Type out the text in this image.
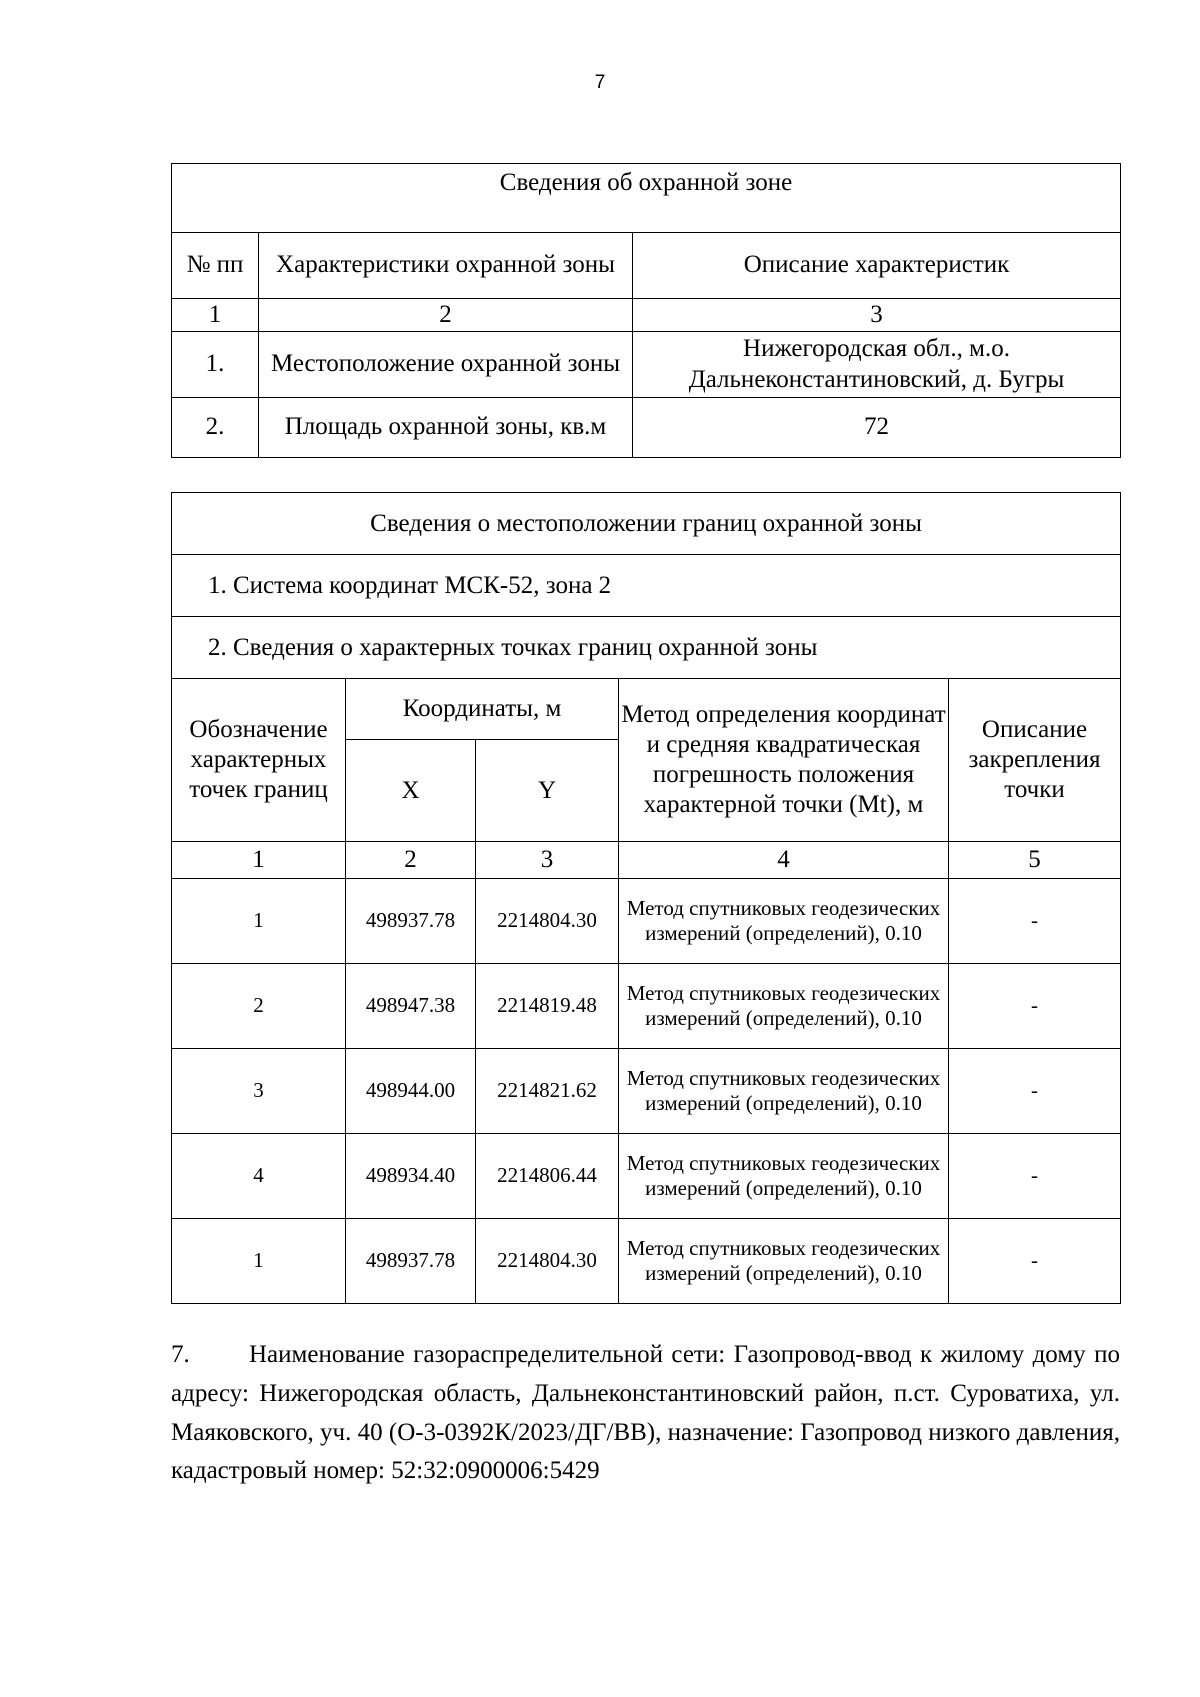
7
Сведения об охранной зоне		
№ пп	Характеристики охранной зоны	Описание характеристик
1	2	3
1.	Местоположение охранной зоны	Нижегородская обл., м.о. Дальнеконстантиновский, д. Бугры
2.	Площадь охранной зоны, кв.м	72
Сведения о местоположении границ охранной зоны				
1. Система координат МСК-52, зона 2				
2. Сведения о характерных точках границ охранной зоны				
Обозначение характерных точек границ	Координаты, м		Метод определения координат и средняя квадратическая погрешность положения характерной точки (Mt), м	Описание закрепления точки
	X	Y		
1	2	3	4	5
1	498937.78	2214804.30	Метод спутниковых геодезических измерений (определений), 0.10	-
2	498947.38	2214819.48	Метод спутниковых геодезических измерений (определений), 0.10	-
3	498944.00	2214821.62	Метод спутниковых геодезических измерений (определений), 0.10	-
4	498934.40	2214806.44	Метод спутниковых геодезических измерений (определений), 0.10	-
1	498937.78	2214804.30	Метод спутниковых геодезических измерений (определений), 0.10	-
7. Наименование газораспределительной сети: Газопровод-ввод к жилому дому по адресу: Нижегородская область, Дальнеконстантиновский район, п.ст. Суроватиха, ул. Маяковского, уч. 40 (О-3-0392К/2023/ДГ/ВВ), назначение: Газопровод низкого давления, кадастровый номер: 52:32:0900006:5429
